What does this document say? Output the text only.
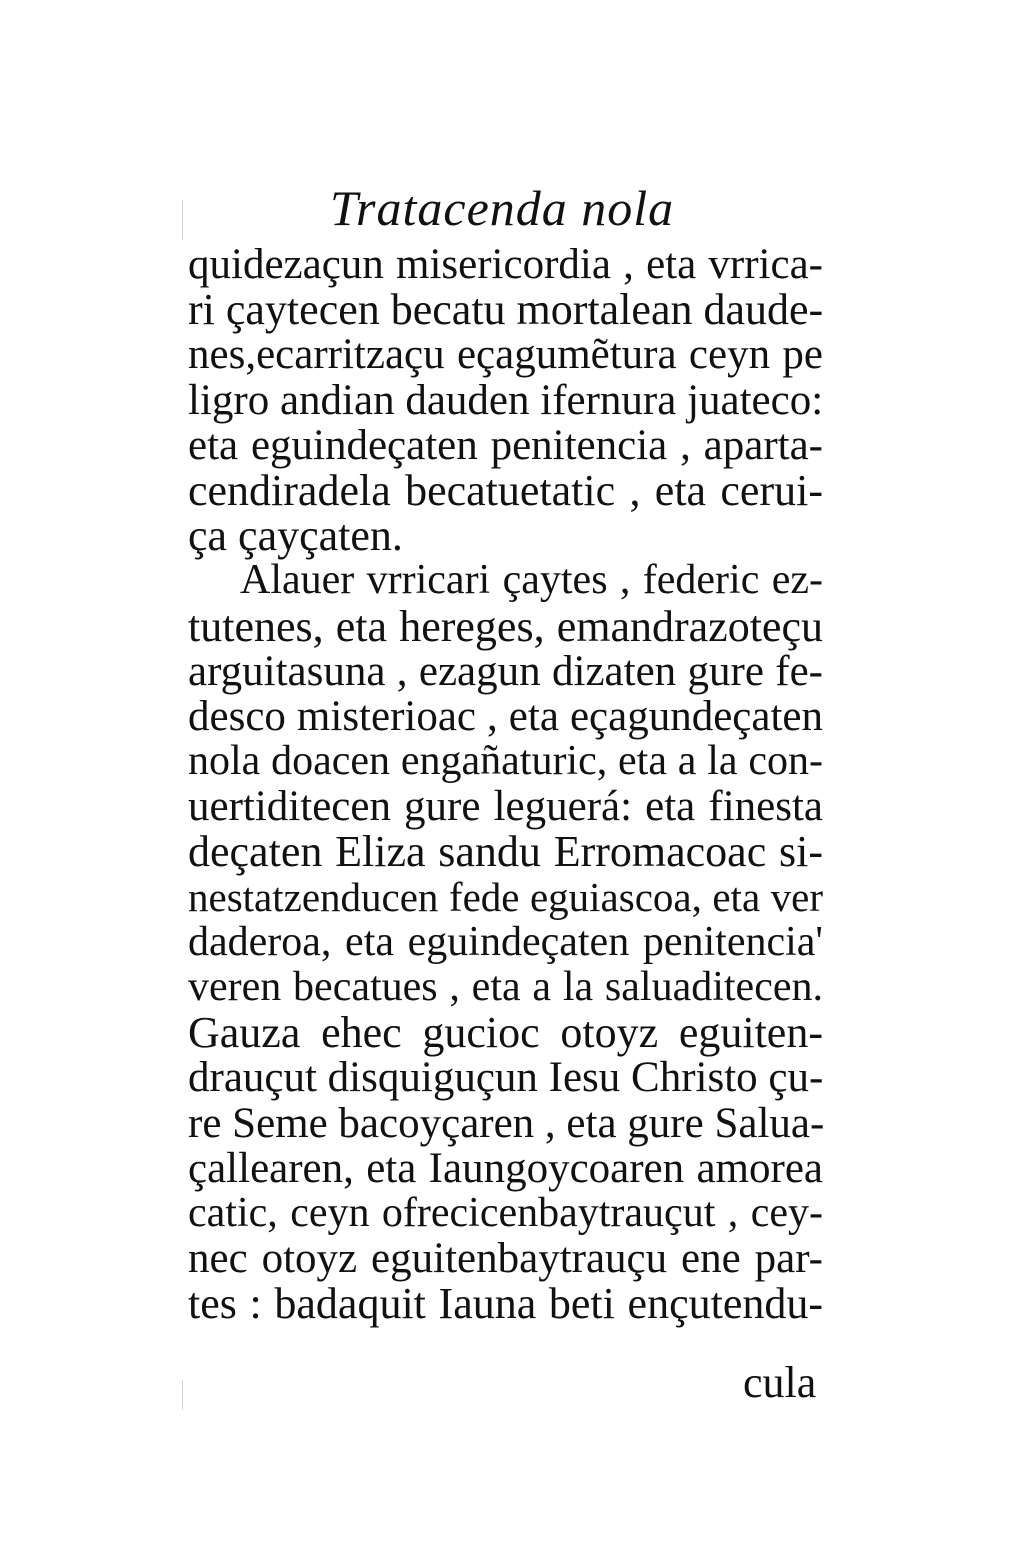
Tratacenda nola
quidezaçun misericordia , eta vrrica-
ri çaytecen becatu mortalean daude-
nes,ecarritzaçu eçagumẽtura ceyn pe
ligro andian dauden ifernura juateco:
eta eguindeçaten penitencia , aparta-
cendiradela becatuetatic , eta cerui-
ça çayçaten.
Alauer vrricari çaytes , federic ez-
tutenes, eta hereges, emandrazoteçu
arguitasuna , ezagun dizaten gure fe-
desco misterioac , eta eçagundeçaten
nola doacen engañaturic, eta a la con-
uertiditecen gure leguerá: eta finesta
deçaten Eliza sandu Erromacoac si-
nestatzenducen fede eguiascoa, eta ver
daderoa, eta eguindeçaten penitencia'
veren becatues , eta a la saluaditecen.
Gauza ehec gucioc otoyz eguiten-
drauçut disquiguçun Iesu Christo çu-
re Seme bacoyçaren , eta gure Salua-
çallearen, eta Iaungoycoaren amorea
catic, ceyn ofrecicenbaytrauçut , cey-
nec otoyz eguitenbaytrauçu ene par-
tes : badaquit Iauna beti ençutendu-
cula
